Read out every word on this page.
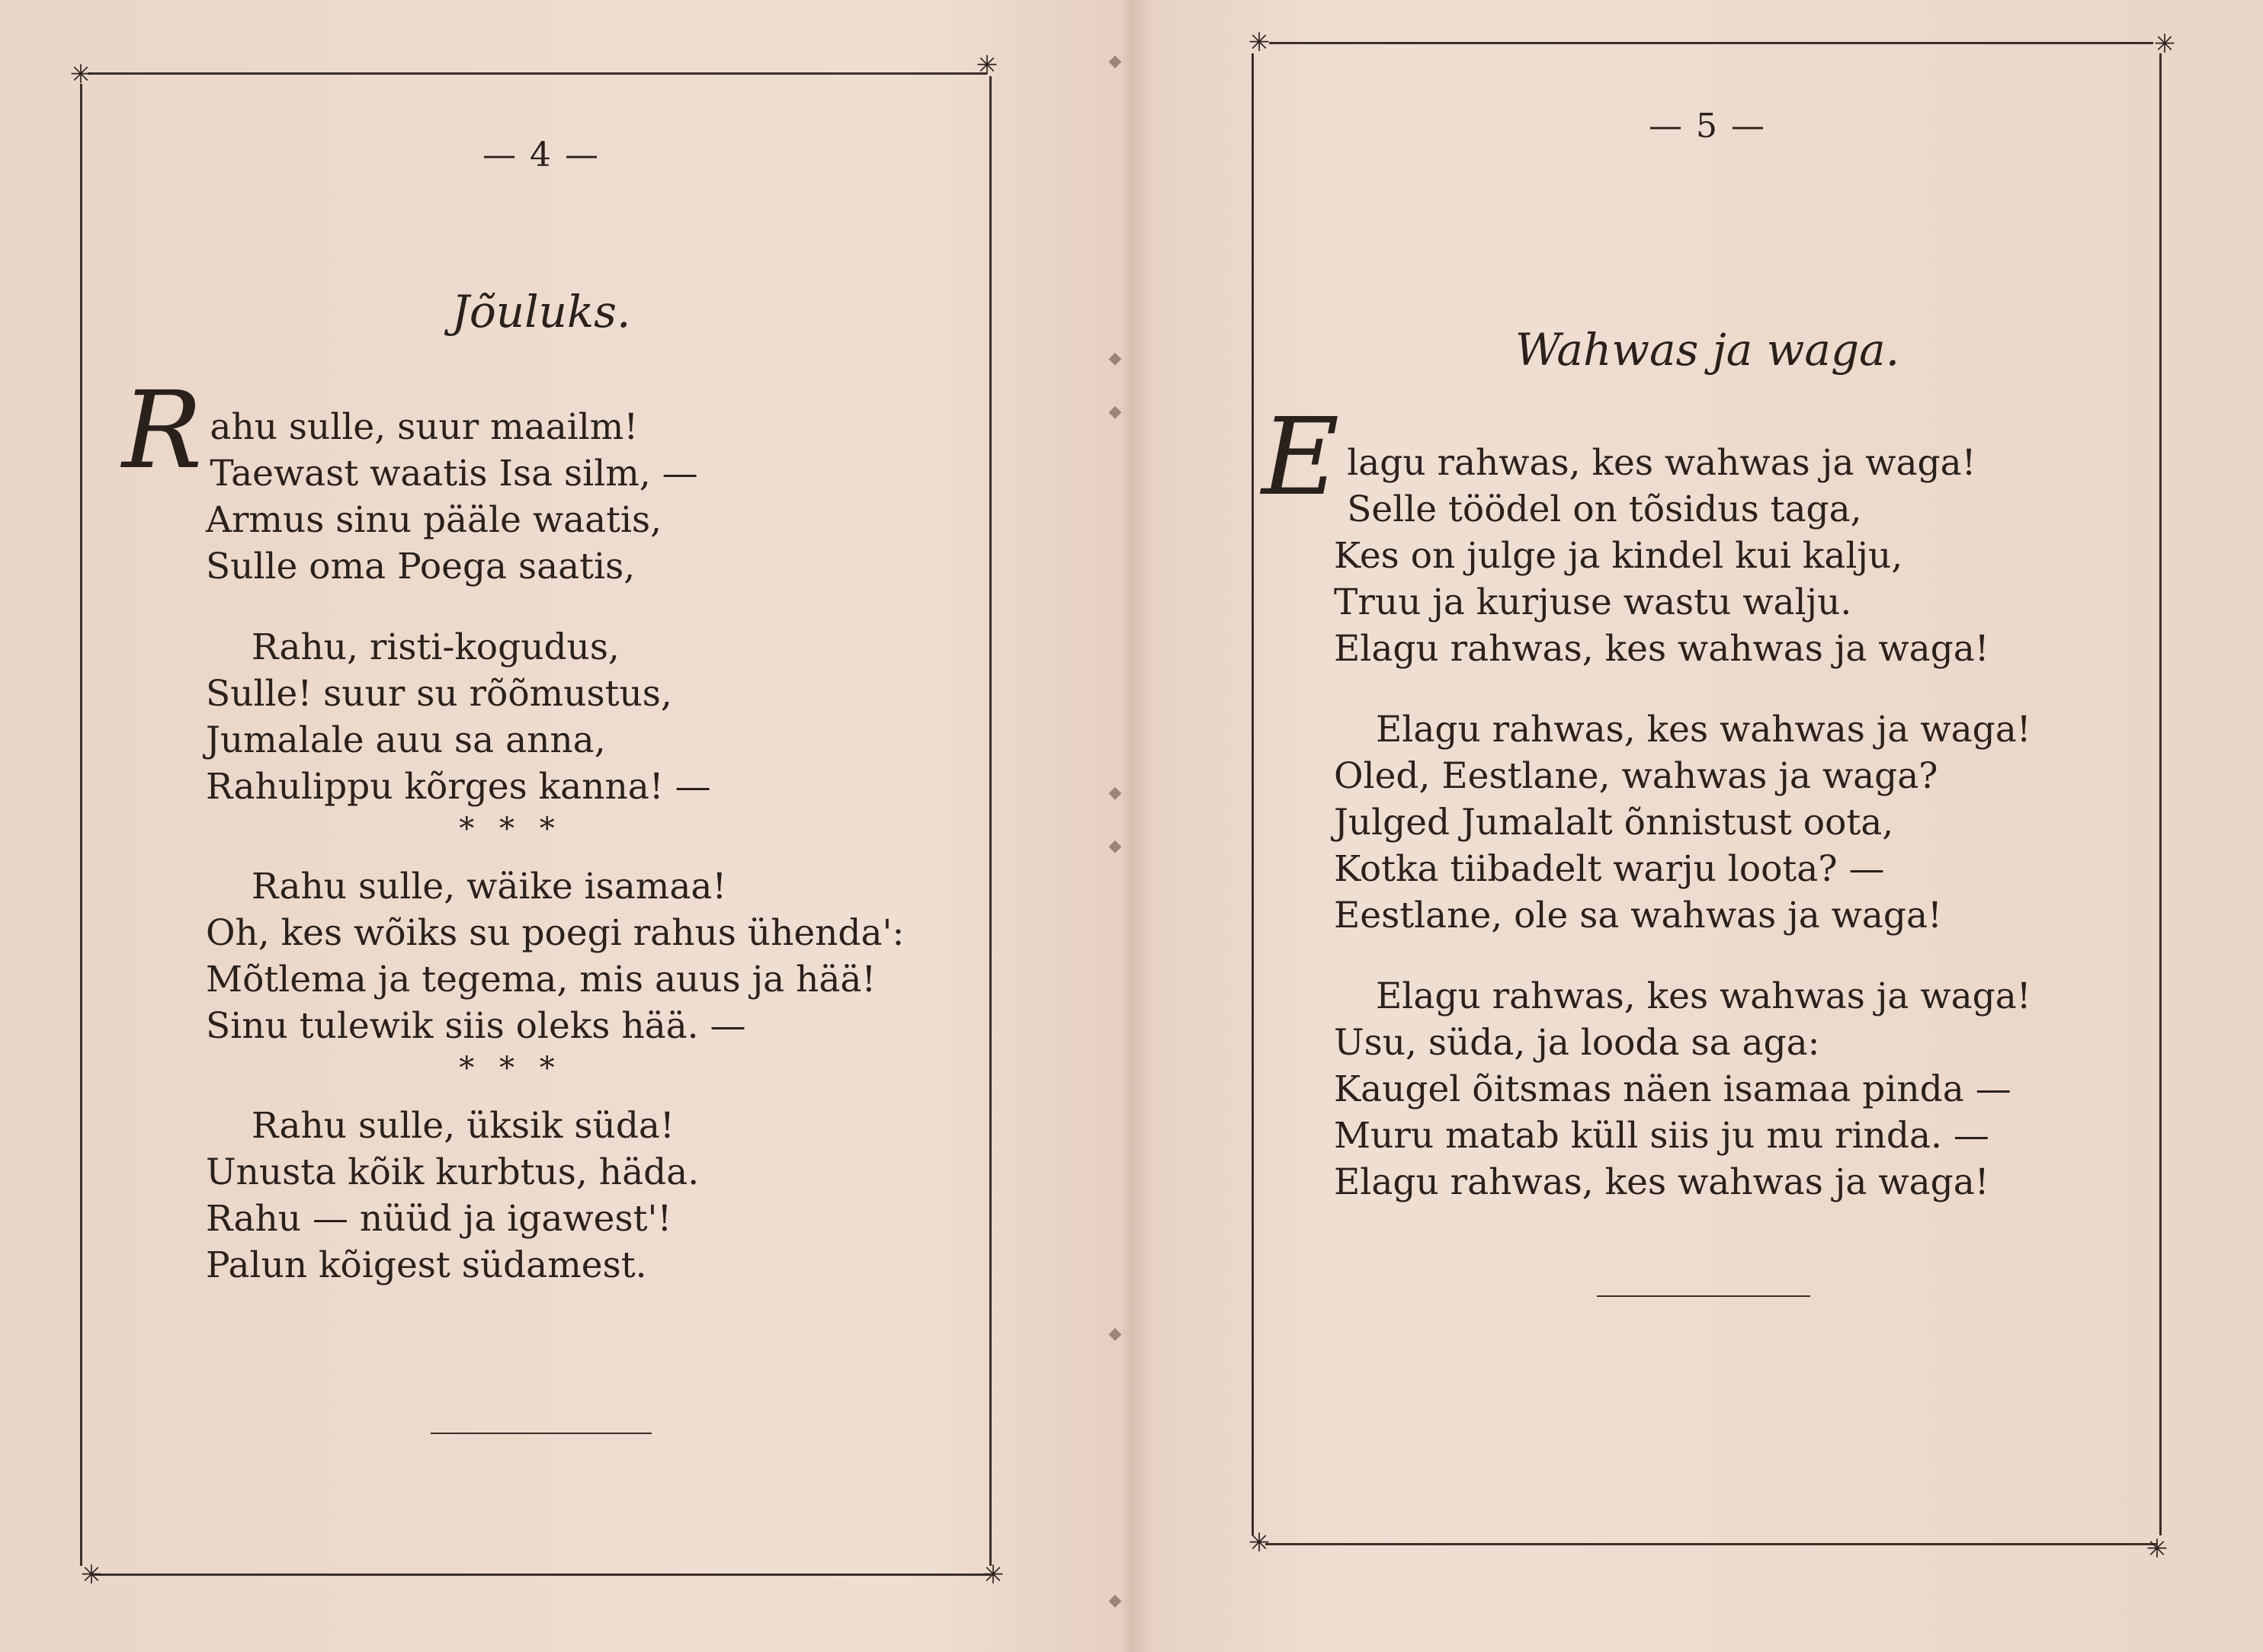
◆
◆
◆
◆
◆
◆
◆
✳	✳
✳	✳
— 4 —
Jõuluks.
R ahu sulle, suur maailm!
Taewast waatis Isa silm, —
Armus sinu pääle waatis,
Sulle oma Poega saatis,
Rahu, risti-kogudus,
Sulle! suur su rõõmustus,
Jumalale auu sa anna,
Rahulippu kõrges kanna! —
* * *
Rahu sulle, wäike isamaa!
Oh, kes wõiks su poegi rahus ühenda':
Mõtlema ja tegema, mis auus ja hää!
Sinu tulewik siis oleks hää. —
* * *
Rahu sulle, üksik süda!
Unusta kõik kurbtus, häda.
Rahu — nüüd ja igawest'!
Palun kõigest südamest.
✳	✳
✳	✳
— 5 —
Wahwas ja waga.
E lagu rahwas, kes wahwas ja waga!
Selle töödel on tõsidus taga,
Kes on julge ja kindel kui kalju,
Truu ja kurjuse wastu walju.
Elagu rahwas, kes wahwas ja waga!
Elagu rahwas, kes wahwas ja waga!
Oled, Eestlane, wahwas ja waga?
Julged Jumalalt õnnistust oota,
Kotka tiibadelt warju loota? —
Eestlane, ole sa wahwas ja waga!
Elagu rahwas, kes wahwas ja waga!
Usu, süda, ja looda sa aga:
Kaugel õitsmas näen isamaa pinda —
Muru matab küll siis ju mu rinda. —
Elagu rahwas, kes wahwas ja waga!
